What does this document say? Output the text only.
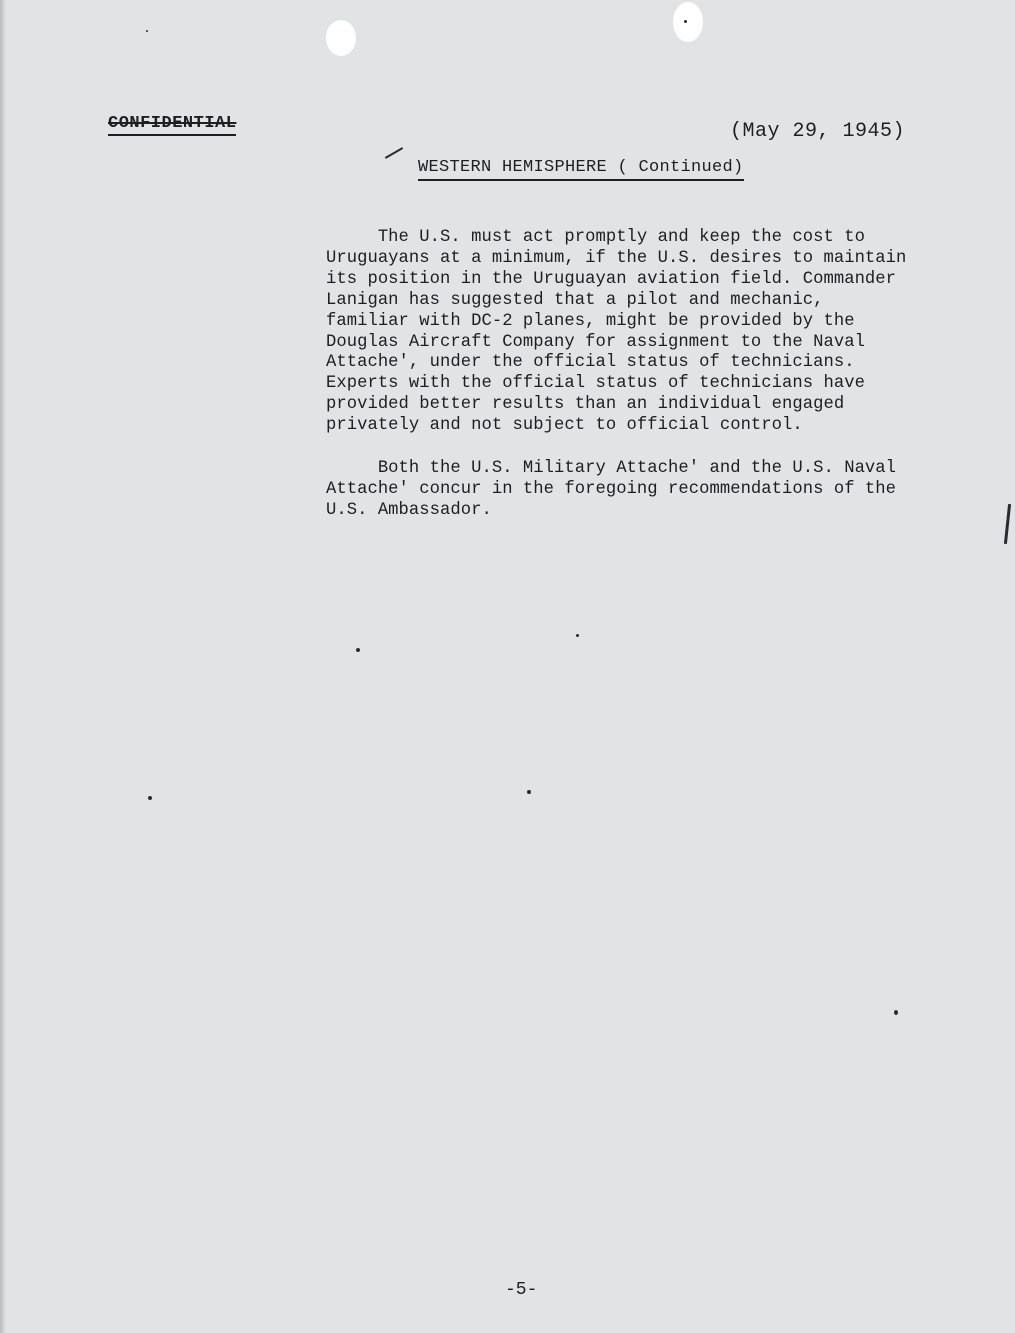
CONFIDENTIAL	(May 29, 1945)
WESTERN HEMISPHERE ( Continued)
The U.S. must act promptly and keep the cost to
Uruguayans at a minimum, if the U.S. desires to maintain
its position in the Uruguayan aviation field. Commander
Lanigan has suggested that a pilot and mechanic,
familiar with DC-2 planes, might be provided by the
Douglas Aircraft Company for assignment to the Naval
Attache', under the official status of technicians.
Experts with the official status of technicians have
provided better results than an individual engaged
privately and not subject to official control.
Both the U.S. Military Attache' and the U.S. Naval
Attache' concur in the foregoing recommendations of the
U.S. Ambassador.
-5-
